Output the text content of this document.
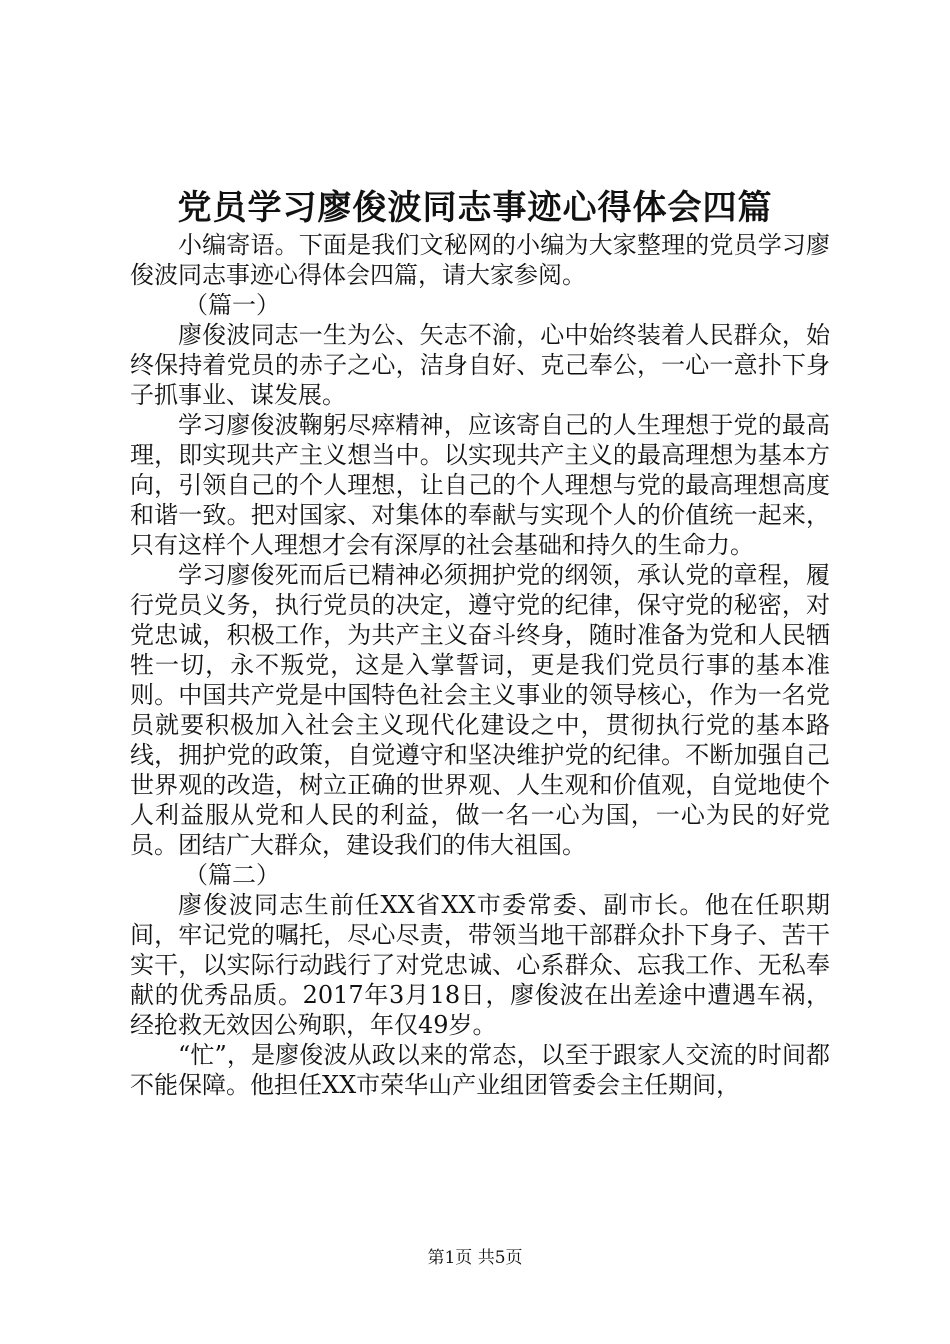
党员学习廖俊波同志事迹心得体会四篇

小编寄语。下面是我们文秘网的小编为大家整理的党员学习廖俊波同志事迹心得体会四篇，请大家参阅。

（篇一）

廖俊波同志一生为公、矢志不渝，心中始终装着人民群众，始终保持着党员的赤子之心，洁身自好、克己奉公，一心一意扑下身子抓事业、谋发展。

学习廖俊波鞠躬尽瘁精神，应该寄自己的人生理想于党的最高理，即实现共产主义想当中。以实现共产主义的最高理想为基本方向，引领自己的个人理想，让自己的个人理想与党的最高理想高度和谐一致。把对国家、对集体的奉献与实现个人的价值统一起来，只有这样个人理想才会有深厚的社会基础和持久的生命力。

学习廖俊死而后已精神必须拥护党的纲领，承认党的章程，履行党员义务，执行党员的决定，遵守党的纪律，保守党的秘密，对党忠诚，积极工作，为共产主义奋斗终身，随时准备为党和人民牺牲一切，永不叛党，这是入掌誓词，更是我们党员行事的基本准则。中国共产党是中国特色社会主义事业的领导核心，作为一名党员就要积极加入社会主义现代化建设之中，贯彻执行党的基本路线，拥护党的政策，自觉遵守和坚决维护党的纪律。不断加强自己世界观的改造，树立正确的世界观、人生观和价值观，自觉地使个人利益服从党和人民的利益，做一名一心为国，一心为民的好党员。团结广大群众，建设我们的伟大祖国。

（篇二）

廖俊波同志生前任XX省XX市委常委、副市长。他在任职期间，牢记党的嘱托，尽心尽责，带领当地干部群众扑下身子、苦干实干，以实际行动践行了对党忠诚、心系群众、忘我工作、无私奉献的优秀品质。2017年3月18日，廖俊波在出差途中遭遇车祸，经抢救无效因公殉职，年仅49岁。

“忙”，是廖俊波从政以来的常态，以至于跟家人交流的时间都不能保障。他担任XX市荣华山产业组团管委会主任期间，

第1页 共5页
